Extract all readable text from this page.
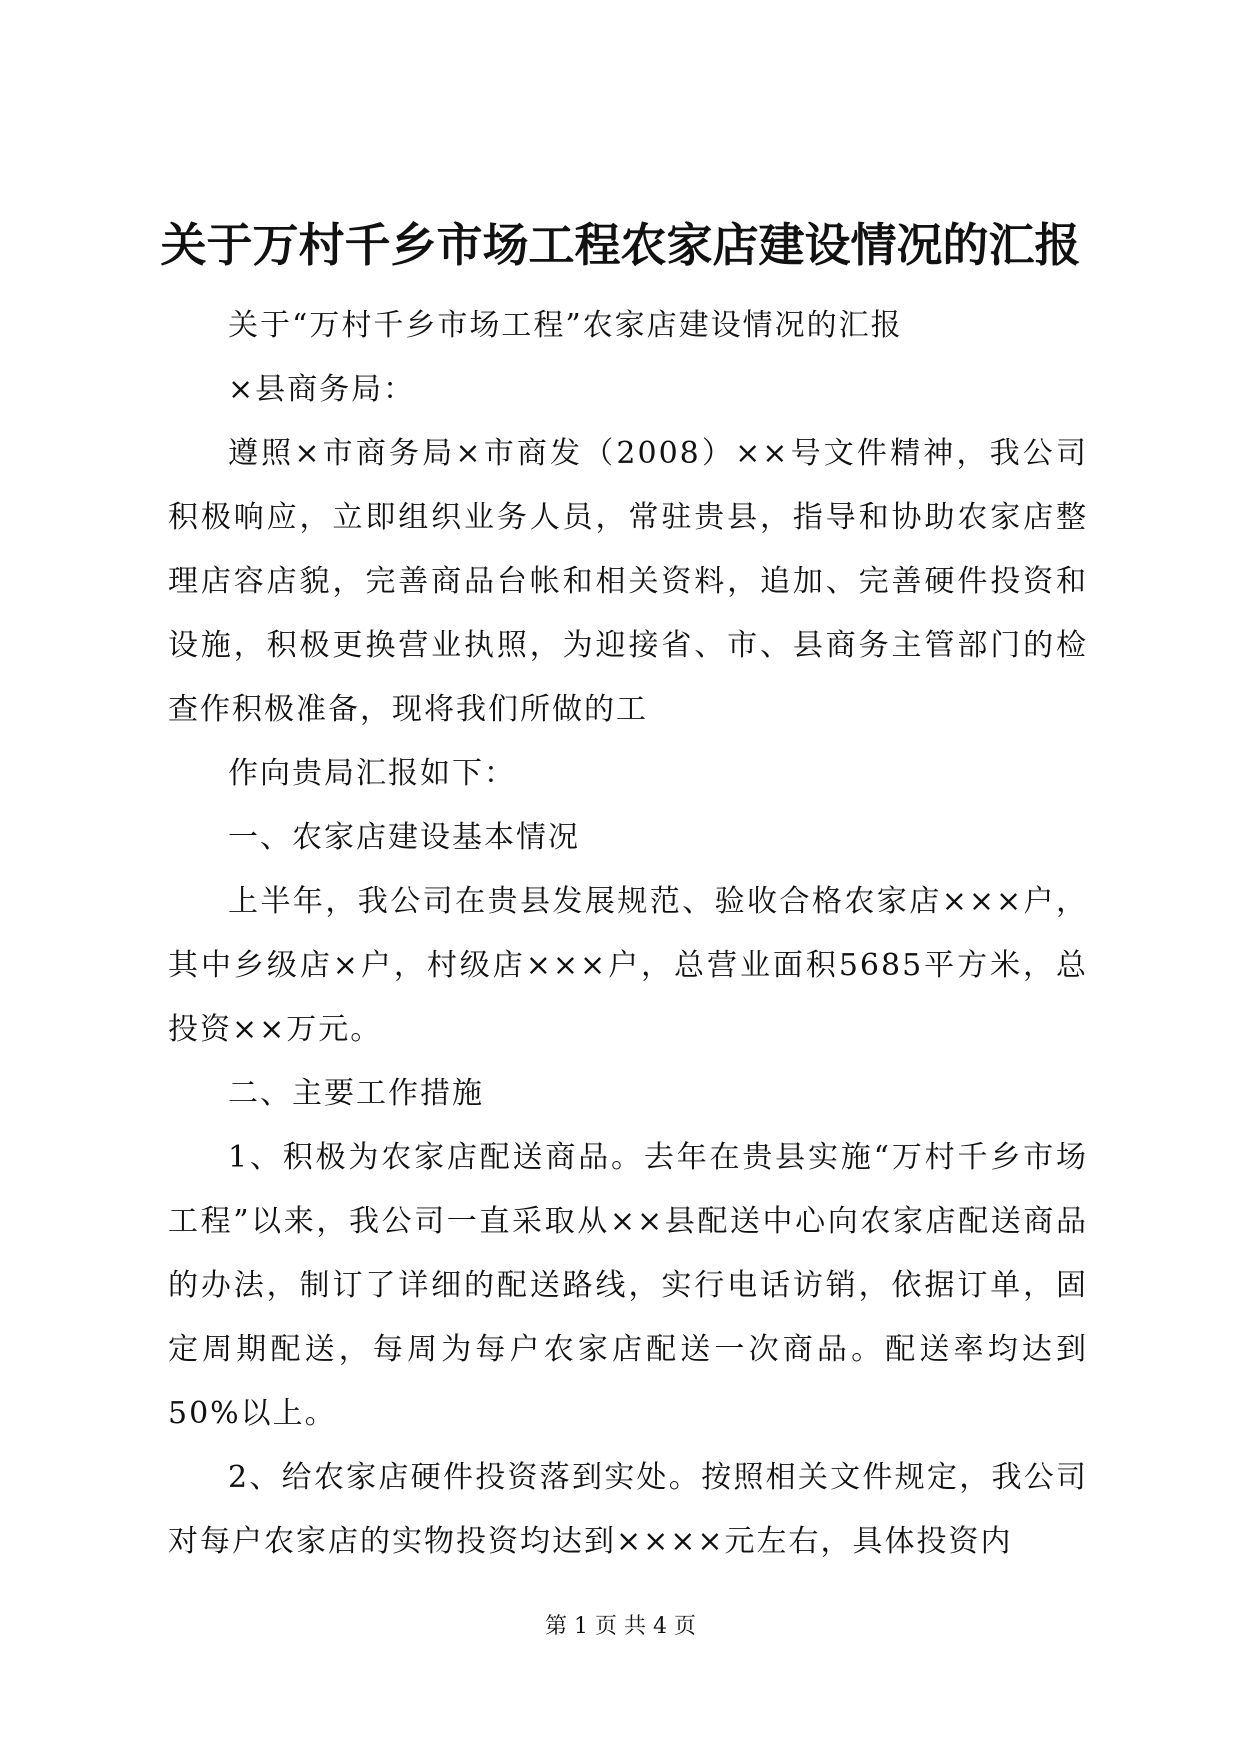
关于万村千乡市场工程农家店建设情况的汇报

关于“万村千乡市场工程”农家店建设情况的汇报

×县商务局：

遵照×市商务局×市商发（2008）××号文件精神，我公司积极响应，立即组织业务人员，常驻贵县，指导和协助农家店整理店容店貌，完善商品台帐和相关资料，追加、完善硬件投资和设施，积极更换营业执照，为迎接省、市、县商务主管部门的检查作积极准备，现将我们所做的工

作向贵局汇报如下：

一、农家店建设基本情况

上半年，我公司在贵县发展规范、验收合格农家店×××户，其中乡级店×户，村级店×××户，总营业面积5685平方米，总投资××万元。

二、主要工作措施

1、积极为农家店配送商品。去年在贵县实施“万村千乡市场工程”以来，我公司一直采取从××县配送中心向农家店配送商品的办法，制订了详细的配送路线，实行电话访销，依据订单，固定周期配送，每周为每户农家店配送一次商品。配送率均达到50%以上。

2、给农家店硬件投资落到实处。按照相关文件规定，我公司对每户农家店的实物投资均达到××××元左右，具体投资内

第 1 页 共 4 页
